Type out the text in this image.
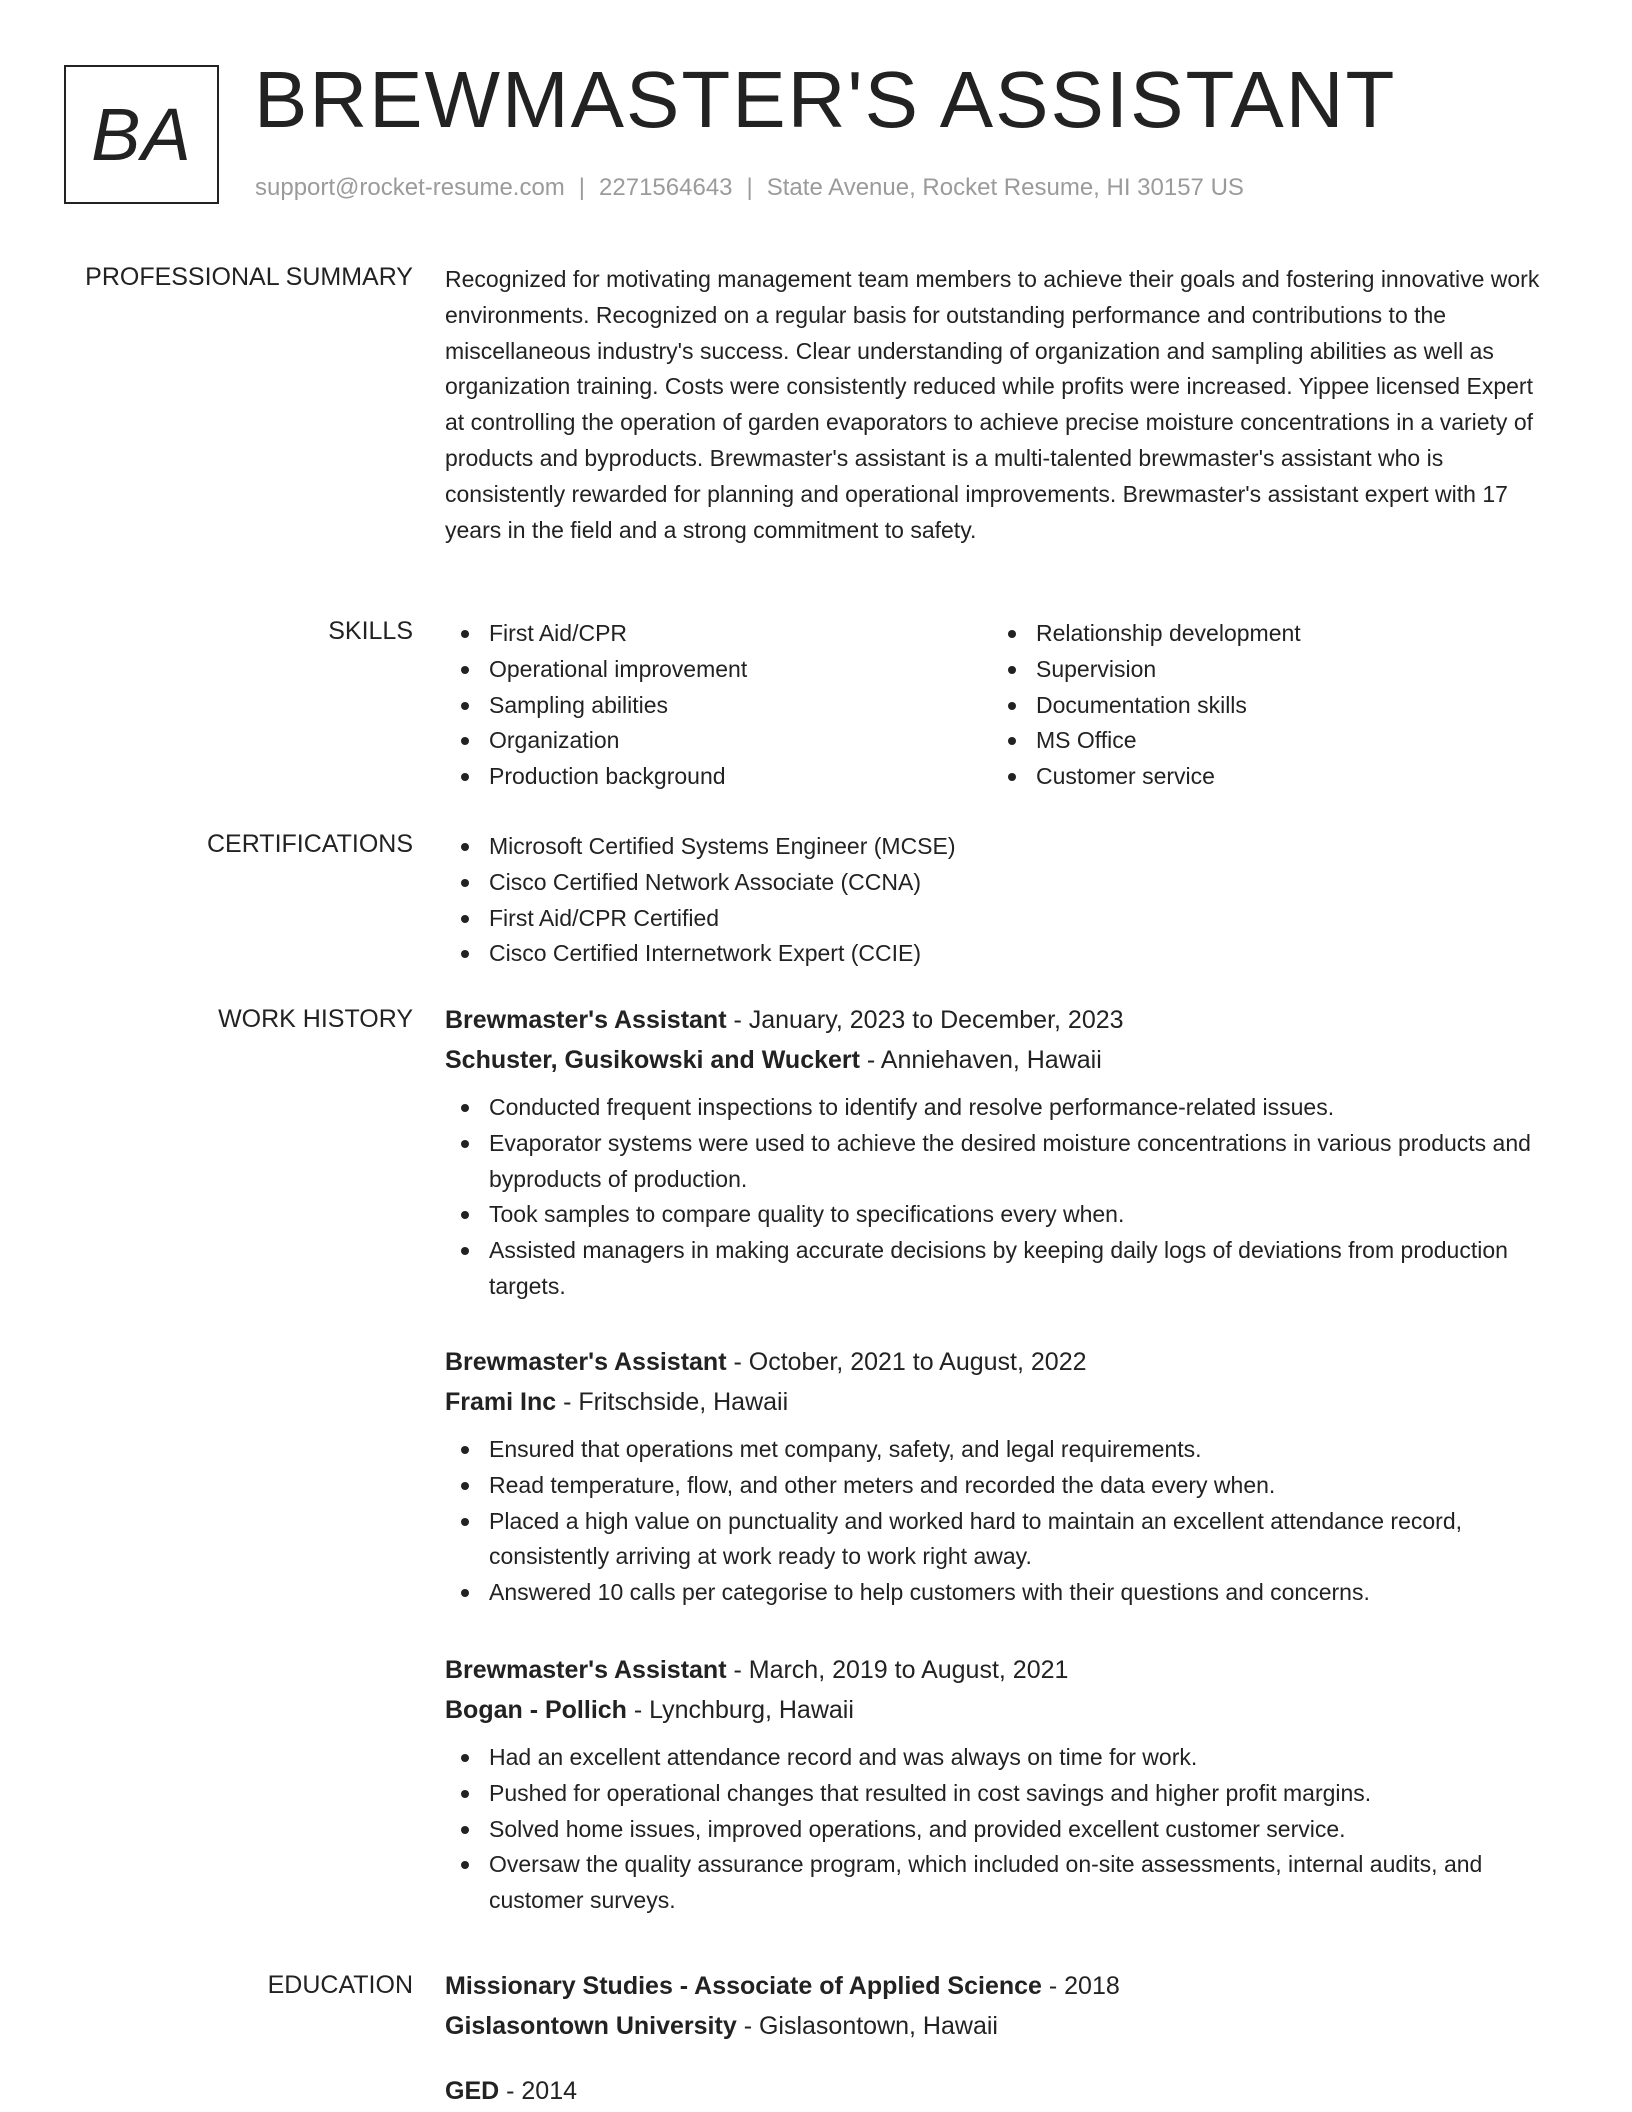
BA BREWMASTER'S ASSISTANT
support@rocket-resume.com | 2271564643 | State Avenue, Rocket Resume, HI 30157 US
PROFESSIONAL SUMMARY Recognized for motivating management team members to achieve their goals and fostering innovative work environments. Recognized on a regular basis for outstanding performance and contributions to the miscellaneous industry's success. Clear understanding of organization and sampling abilities as well as organization training. Costs were consistently reduced while profits were increased. Yippee licensed Expert at controlling the operation of garden evaporators to achieve precise moisture concentrations in a variety of products and byproducts. Brewmaster's assistant is a multi-talented brewmaster's assistant who is consistently rewarded for planning and operational improvements. Brewmaster's assistant expert with 17 years in the field and a strong commitment to safety.
SKILLS	First Aid/CPR
Operational improvement
Sampling abilities
Organization
Production background
Relationship development
Supervision
Documentation skills
MS Office
Customer service
CERTIFICATIONS	Microsoft Certified Systems Engineer (MCSE)
Cisco Certified Network Associate (CCNA)
First Aid/CPR Certified
Cisco Certified Internetwork Expert (CCIE)
WORK HISTORY Brewmaster's Assistant - January, 2023 to December, 2023
Schuster, Gusikowski and Wuckert - Anniehaven, Hawaii
Conducted frequent inspections to identify and resolve performance-related issues.
Evaporator systems were used to achieve the desired moisture concentrations in various products and byproducts of production.
Took samples to compare quality to specifications every when.
Assisted managers in making accurate decisions by keeping daily logs of deviations from production targets.
Brewmaster's Assistant - October, 2021 to August, 2022
Frami Inc - Fritschside, Hawaii
Ensured that operations met company, safety, and legal requirements.
Read temperature, flow, and other meters and recorded the data every when.
Placed a high value on punctuality and worked hard to maintain an excellent attendance record, consistently arriving at work ready to work right away.
Answered 10 calls per categorise to help customers with their questions and concerns.
Brewmaster's Assistant - March, 2019 to August, 2021
Bogan - Pollich - Lynchburg, Hawaii
Had an excellent attendance record and was always on time for work.
Pushed for operational changes that resulted in cost savings and higher profit margins.
Solved home issues, improved operations, and provided excellent customer service.
Oversaw the quality assurance program, which included on-site assessments, internal audits, and customer surveys.
EDUCATION Missionary Studies - Associate of Applied Science - 2018
Gislasontown University - Gislasontown, Hawaii
GED - 2014
